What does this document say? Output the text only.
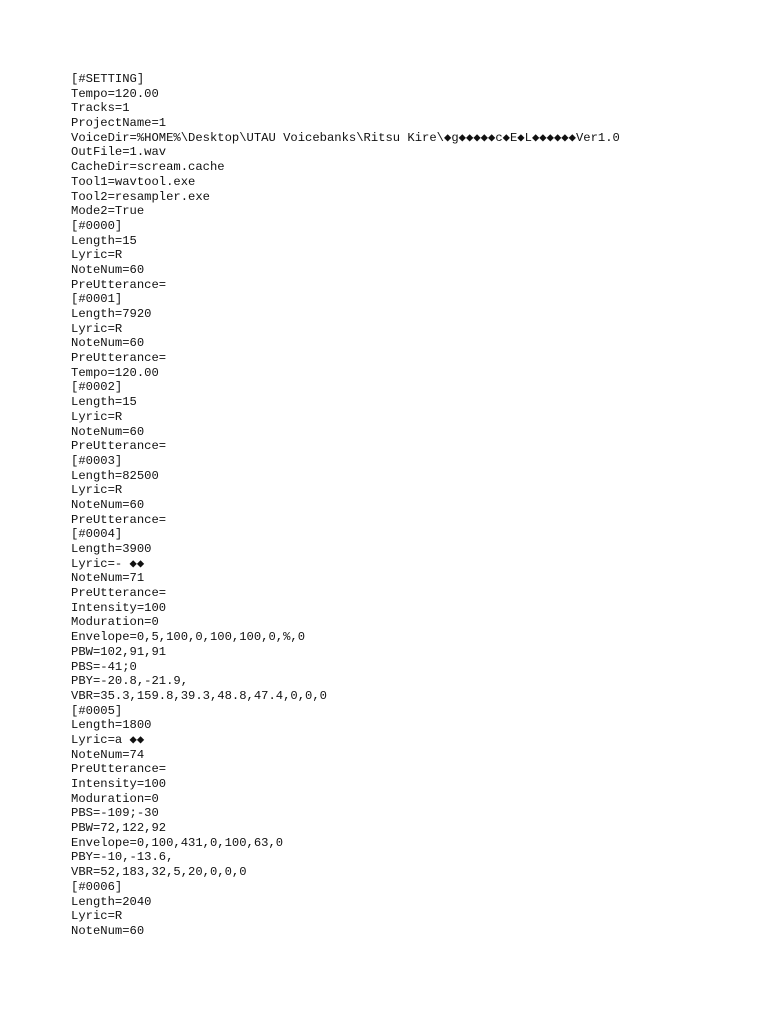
[#SETTING]
Tempo=120.00
Tracks=1
ProjectName=1
VoiceDir=%HOME%\Desktop\UTAU Voicebanks\Ritsu Kire\◆g◆◆◆◆◆c◆E◆L◆◆◆◆◆◆Ver1.0
OutFile=1.wav
CacheDir=scream.cache
Tool1=wavtool.exe
Tool2=resampler.exe
Mode2=True
[#0000]
Length=15
Lyric=R
NoteNum=60
PreUtterance=
[#0001]
Length=7920
Lyric=R
NoteNum=60
PreUtterance=
Tempo=120.00
[#0002]
Length=15
Lyric=R
NoteNum=60
PreUtterance=
[#0003]
Length=82500
Lyric=R
NoteNum=60
PreUtterance=
[#0004]
Length=3900
Lyric=- ◆◆
NoteNum=71
PreUtterance=
Intensity=100
Moduration=0
Envelope=0,5,100,0,100,100,0,%,0
PBW=102,91,91
PBS=-41;0
PBY=-20.8,-21.9,
VBR=35.3,159.8,39.3,48.8,47.4,0,0,0
[#0005]
Length=1800
Lyric=a ◆◆
NoteNum=74
PreUtterance=
Intensity=100
Moduration=0
PBS=-109;-30
PBW=72,122,92
Envelope=0,100,431,0,100,63,0
PBY=-10,-13.6,
VBR=52,183,32,5,20,0,0,0
[#0006]
Length=2040
Lyric=R
NoteNum=60
